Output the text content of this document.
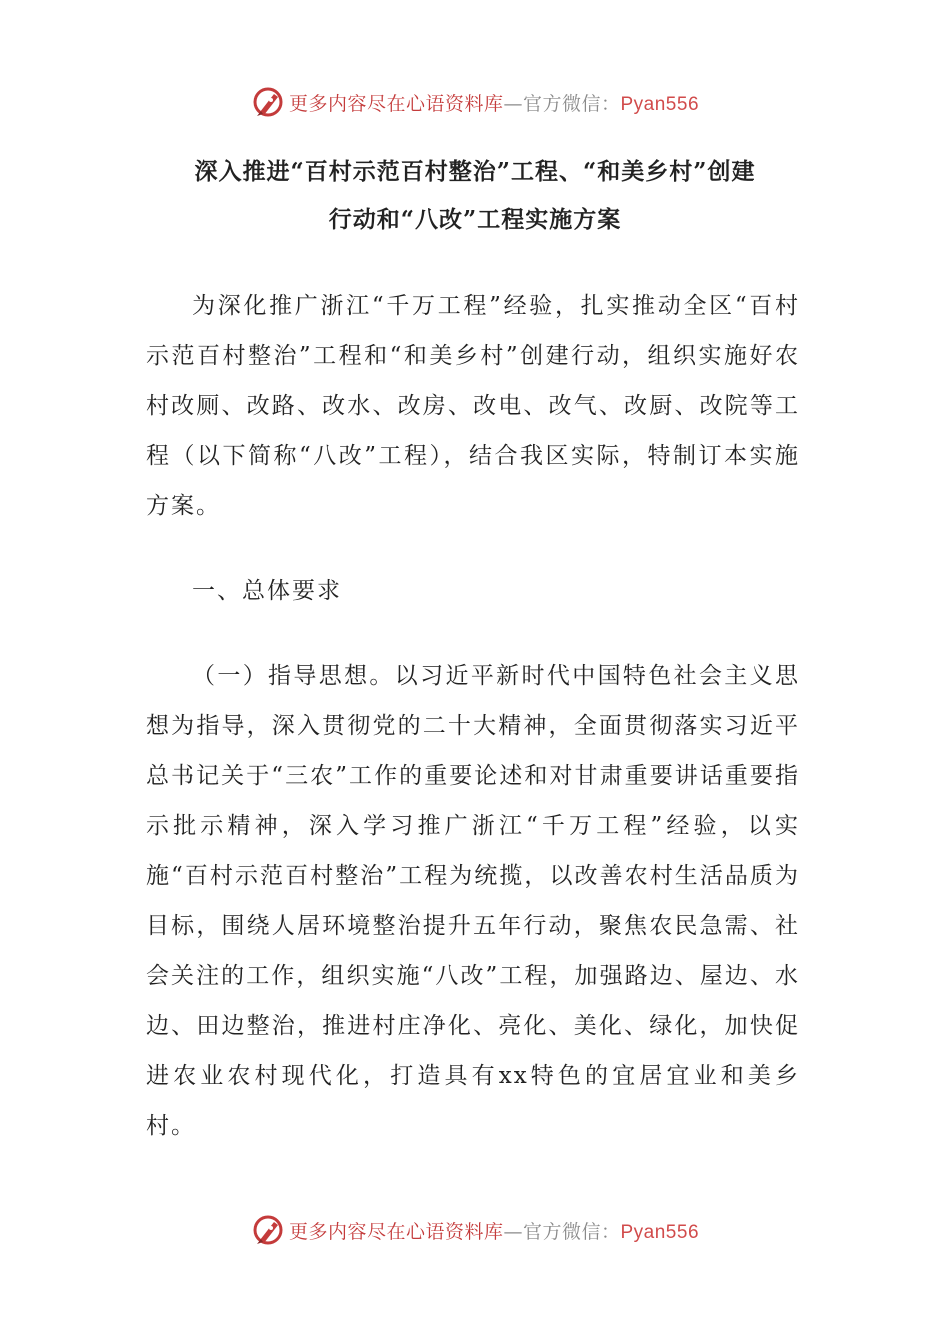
更多内容尽在心语资料库—官方微信：Pyan556
深入推进“百村示范百村整治”工程、“和美乡村”创建
行动和“八改”工程实施方案

为深化推广浙江“千万工程”经验，扎实推动全区“百村示范百村整治”工程和“和美乡村”创建行动，组织实施好农村改厕、改路、改水、改房、改电、改气、改厨、改院等工程（以下简称“八改”工程），结合我区实际，特制订本实施方案。

一、总体要求

（一）指导思想。以习近平新时代中国特色社会主义思想为指导，深入贯彻党的二十大精神，全面贯彻落实习近平总书记关于“三农”工作的重要论述和对甘肃重要讲话重要指示批示精神，深入学习推广浙江“千万工程”经验，以实施“百村示范百村整治”工程为统揽，以改善农村生活品质为目标，围绕人居环境整治提升五年行动，聚焦农民急需、社会关注的工作，组织实施“八改”工程，加强路边、屋边、水边、田边整治，推进村庄净化、亮化、美化、绿化，加快促进农业农村现代化，打造具有xx特色的宜居宜业和美乡村。

更多内容尽在心语资料库—官方微信：Pyan556
